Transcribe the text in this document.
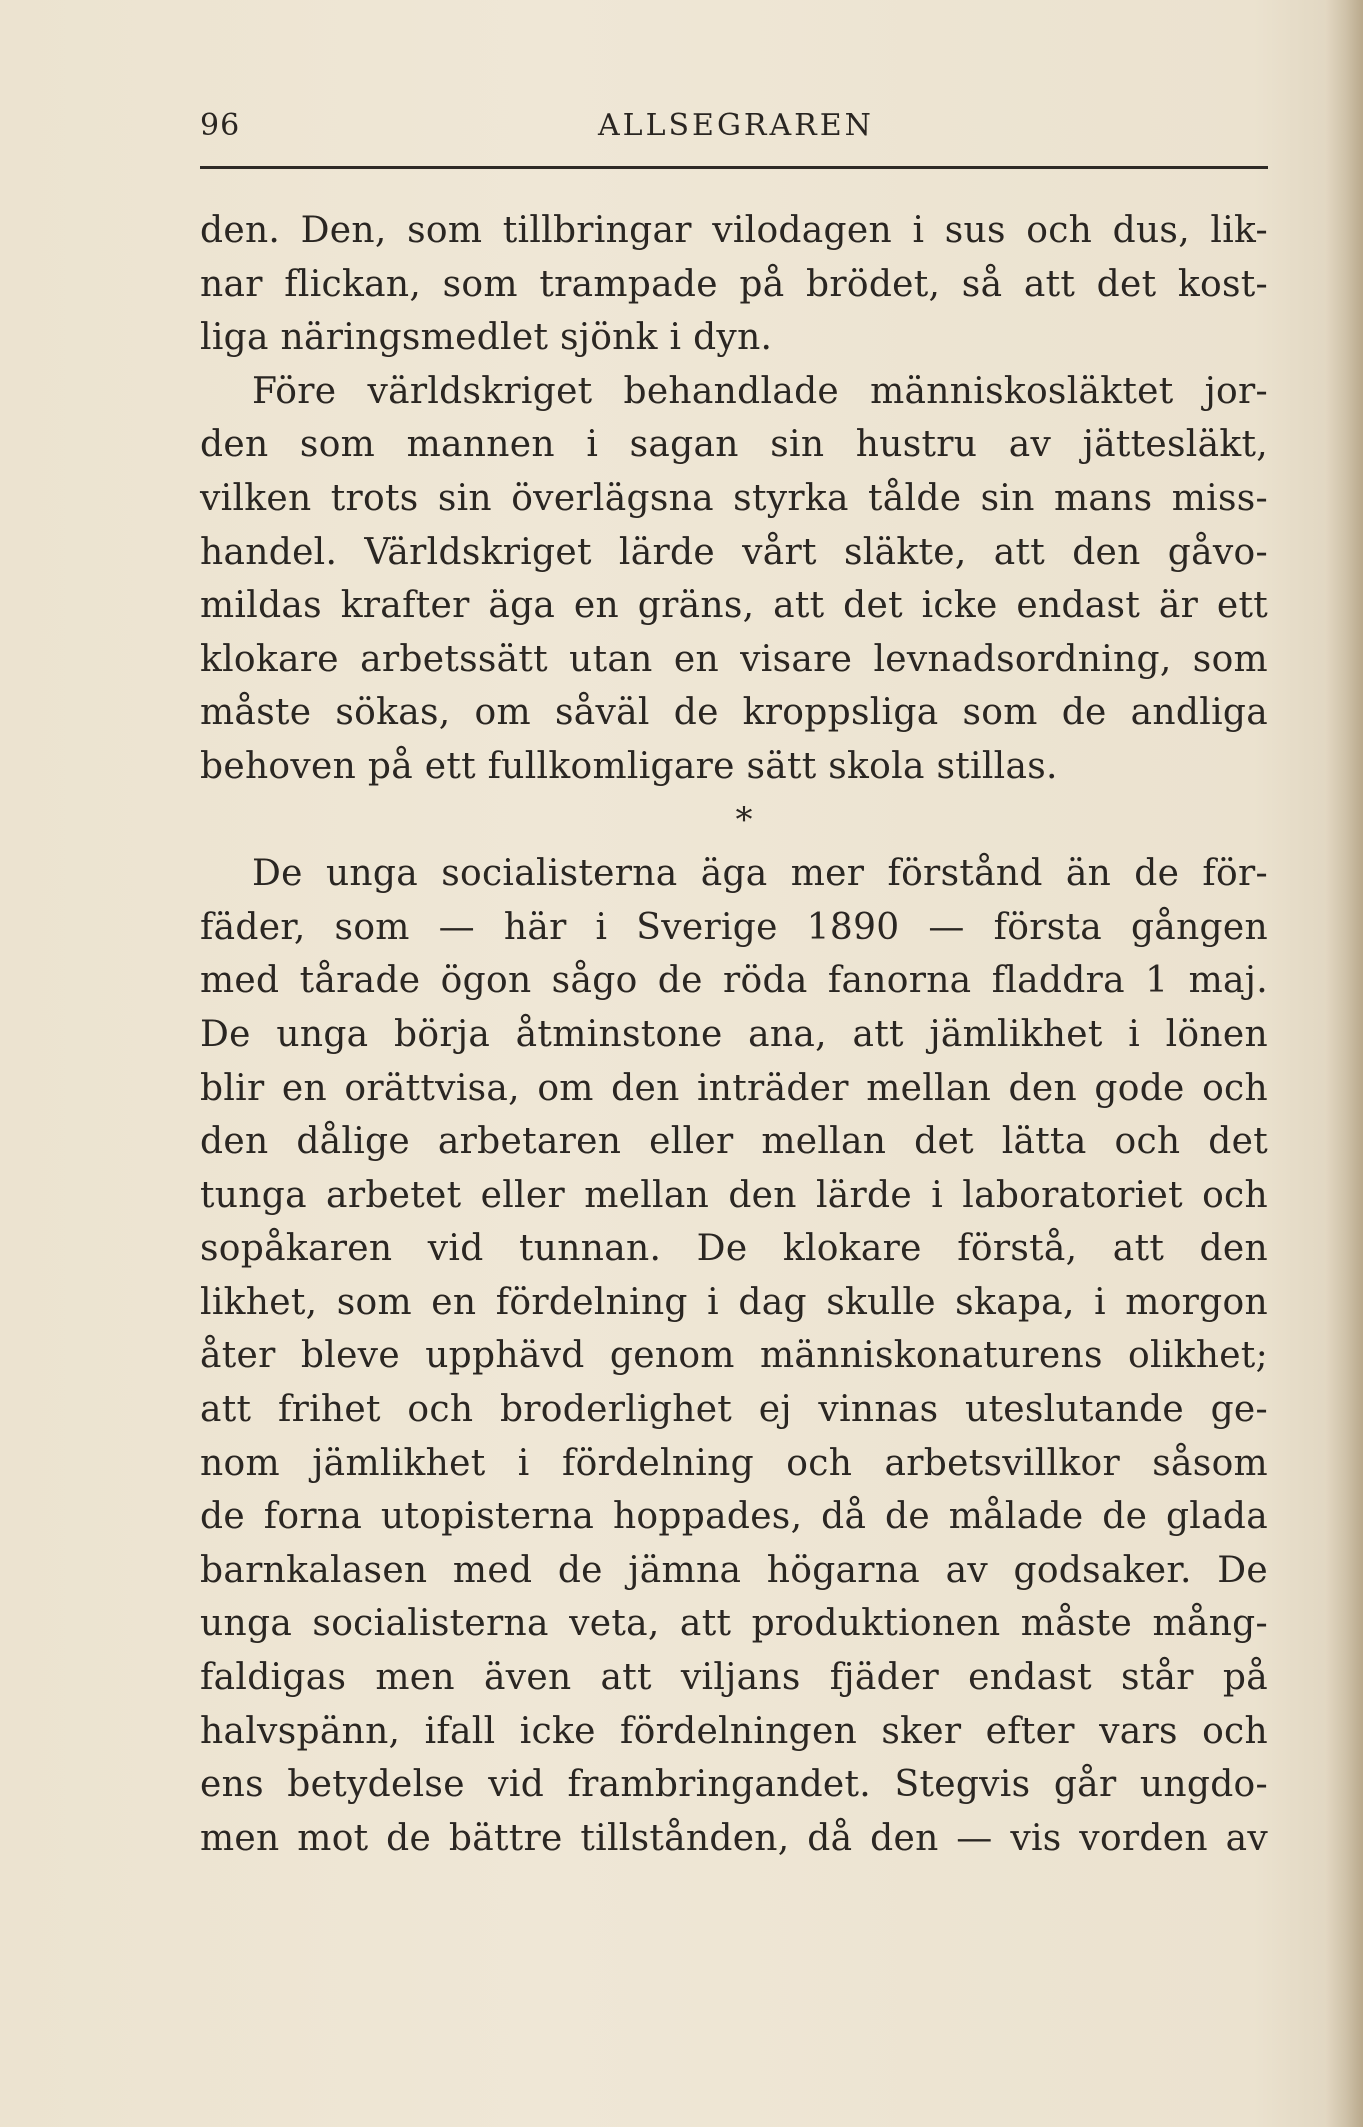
96	ALLSEGRAREN
den. Den, som tillbringar vilodagen i sus och dus, lik-
nar flickan, som trampade på brödet, så att det kost-
liga näringsmedlet sjönk i dyn.
Före världskriget behandlade människosläktet jor-
den som mannen i sagan sin hustru av jättesläkt,
vilken trots sin överlägsna styrka tålde sin mans miss-
handel. Världskriget lärde vårt släkte, att den gåvo-
mildas krafter äga en gräns, att det icke endast är ett
klokare arbetssätt utan en visare levnadsordning, som
måste sökas, om såväl de kroppsliga som de andliga
behoven på ett fullkomligare sätt skola stillas.
*
De unga socialisterna äga mer förstånd än de för-
fäder, som — här i Sverige 1890 — första gången
med tårade ögon sågo de röda fanorna fladdra 1 maj.
De unga börja åtminstone ana, att jämlikhet i lönen
blir en orättvisa, om den inträder mellan den gode och
den dålige arbetaren eller mellan det lätta och det
tunga arbetet eller mellan den lärde i laboratoriet och
sopåkaren vid tunnan. De klokare förstå, att den
likhet, som en fördelning i dag skulle skapa, i morgon
åter bleve upphävd genom människonaturens olikhet;
att frihet och broderlighet ej vinnas uteslutande ge-
nom jämlikhet i fördelning och arbetsvillkor såsom
de forna utopisterna hoppades, då de målade de glada
barnkalasen med de jämna högarna av godsaker. De
unga socialisterna veta, att produktionen måste mång-
faldigas men även att viljans fjäder endast står på
halvspänn, ifall icke fördelningen sker efter vars och
ens betydelse vid frambringandet. Stegvis går ungdo-
men mot de bättre tillstånden, då den — vis vorden av
